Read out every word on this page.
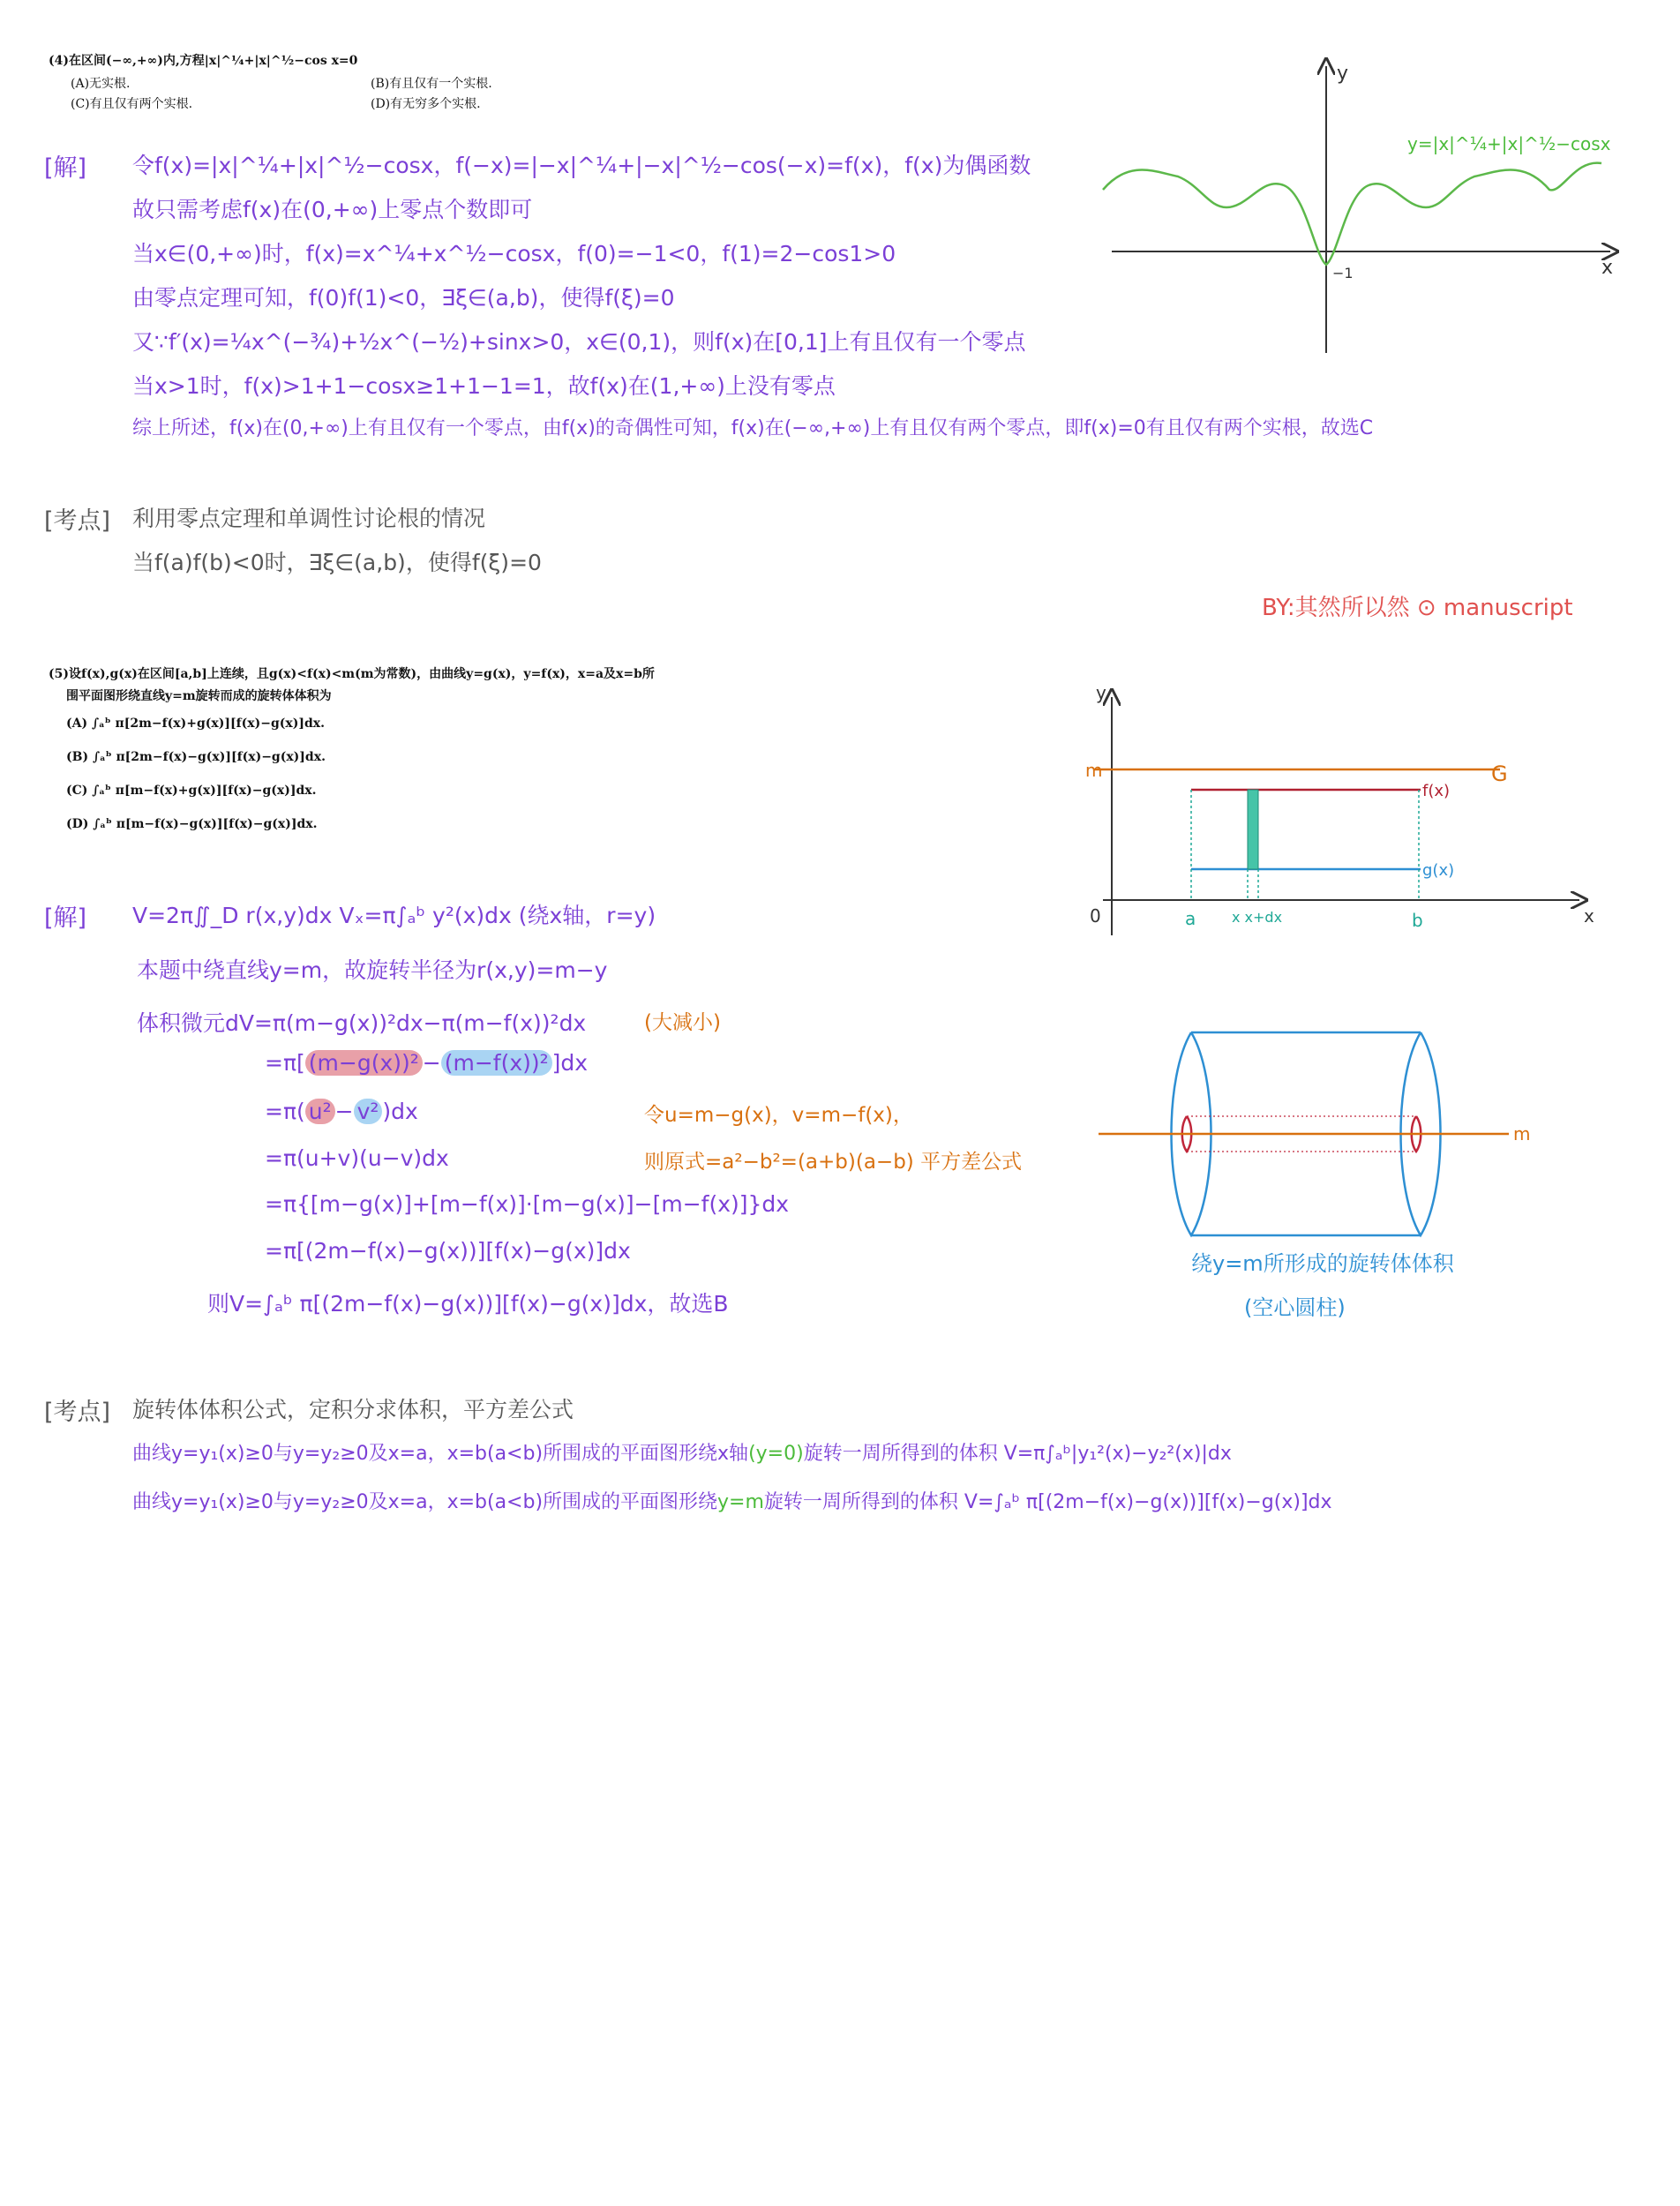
(4)在区间(−∞,+∞)内,方程|x|^¼+|x|^½−cos x=0
(A)无实根.	(B)有且仅有一个实根.
(C)有且仅有两个实根.	(D)有无穷多个实根.
[解] 令f(x)=|x|^¼+|x|^½−cosx，f(−x)=|−x|^¼+|−x|^½−cos(−x)=f(x)，f(x)为偶函数
故只需考虑f(x)在(0,+∞)上零点个数即可
当x∈(0,+∞)时，f(x)=x^¼+x^½−cosx，f(0)=−1<0，f(1)=2−cos1>0
由零点定理可知，f(0)f(1)<0，∃ξ∈(a,b)，使得f(ξ)=0
又∵f′(x)=¼x^(−¾)+½x^(−½)+sinx>0，x∈(0,1)，则f(x)在[0,1]上有且仅有一个零点
当x>1时，f(x)>1+1−cosx≥1+1−1=1，故f(x)在(1,+∞)上没有零点
综上所述，f(x)在(0,+∞)上有且仅有一个零点，由f(x)的奇偶性可知，f(x)在(−∞,+∞)上有且仅有两个零点，即f(x)=0有且仅有两个实根，故选C
[考点] 利用零点定理和单调性讨论根的情况
当f(a)f(b)<0时，∃ξ∈(a,b)，使得f(ξ)=0
y
x
−1
y=|x|^¼+|x|^½−cosx
BY:其然所以然 ⊙ manuscript
(5)设f(x),g(x)在区间[a,b]上连续，且g(x)<f(x)<m(m为常数)，由曲线y=g(x)，y=f(x)，x=a及x=b所
围平面图形绕直线y=m旋转而成的旋转体体积为
(A) ∫ₐᵇ π[2m−f(x)+g(x)][f(x)−g(x)]dx.
(B) ∫ₐᵇ π[2m−f(x)−g(x)][f(x)−g(x)]dx.
(C) ∫ₐᵇ π[m−f(x)+g(x)][f(x)−g(x)]dx.
(D) ∫ₐᵇ π[m−f(x)−g(x)][f(x)−g(x)]dx.
[解] V=2π∬_D r(x,y)dx Vₓ=π∫ₐᵇ y²(x)dx (绕x轴，r=y)
本题中绕直线y=m，故旋转半径为r(x,y)=m−y
体积微元dV=π(m−g(x))²dx−π(m−f(x))²dx	(大减小)
=π[ (m−g(x))² − (m−f(x))² ]dx
=π( u² − v² )dx	令u=m−g(x)，v=m−f(x)，
=π(u+v)(u−v)dx	则原式=a²−b²=(a+b)(a−b) 平方差公式
=π{[m−g(x)]+[m−f(x)]·[m−g(x)]−[m−f(x)]}dx
=π[(2m−f(x)−g(x))][f(x)−g(x)]dx
则V=∫ₐᵇ π[(2m−f(x)−g(x))][f(x)−g(x)]dx，故选B
y
x
0
m	G
f(x)
g(x)
a	b
x x+dx
m
绕y=m所形成的旋转体体积
(空心圆柱)
[考点] 旋转体体积公式，定积分求体积，平方差公式
曲线y=y₁(x)≥0与y=y₂≥0及x=a，x=b(a<b)所围成的平面图形绕x轴(y=0)旋转一周所得到的体积 V=π∫ₐᵇ|y₁²(x)−y₂²(x)|dx
曲线y=y₁(x)≥0与y=y₂≥0及x=a，x=b(a<b)所围成的平面图形绕y=m旋转一周所得到的体积 V=∫ₐᵇ π[(2m−f(x)−g(x))][f(x)−g(x)]dx
